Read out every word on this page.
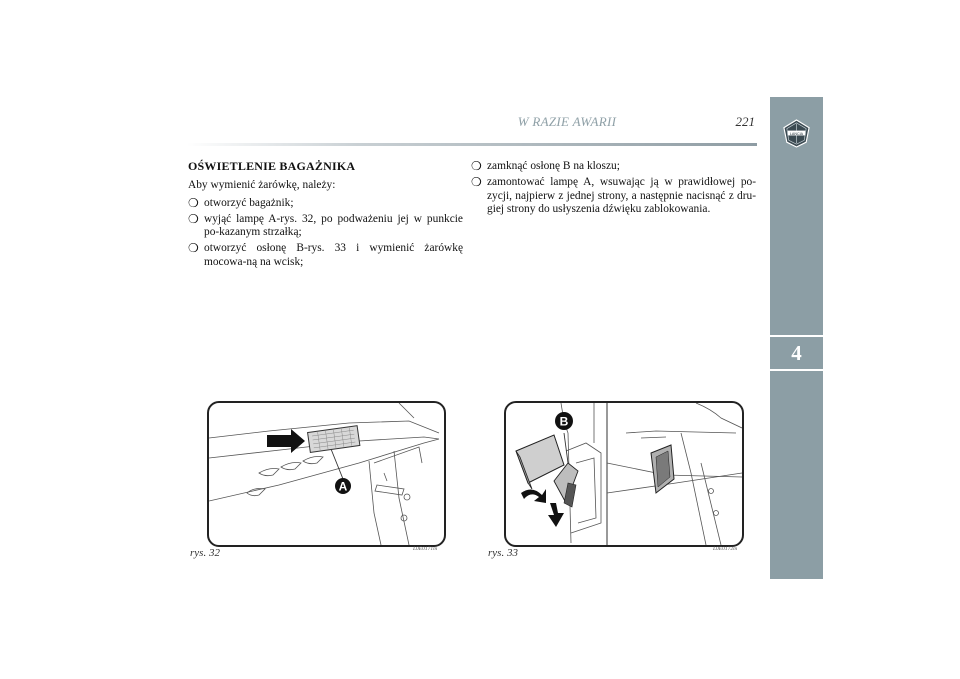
W RAZIE AWARII	221
LANCIA
4
OŚWIETLENIE BAGAŻNIKA
Aby wymienić żarówkę, należy:
❍ otworzyć bagażnik;
❍ wyjąć lampę A-rys. 32, po podważeniu jej w punkcie po-kazanym strzałką;
❍ otworzyć osłonę B-rys. 33 i wymienić żarówkę mocowa-ną na wcisk;
❍ zamknąć osłonę B na kloszu;
❍ zamontować lampę A, wsuwając ją w prawidłowej po-zycji, najpierw z jednej strony, a następnie nacisnąć z dru-giej strony do usłyszenia dźwięku zablokowania.
A
rys. 32	L0E0171m
B
rys. 33	L0E0172m
